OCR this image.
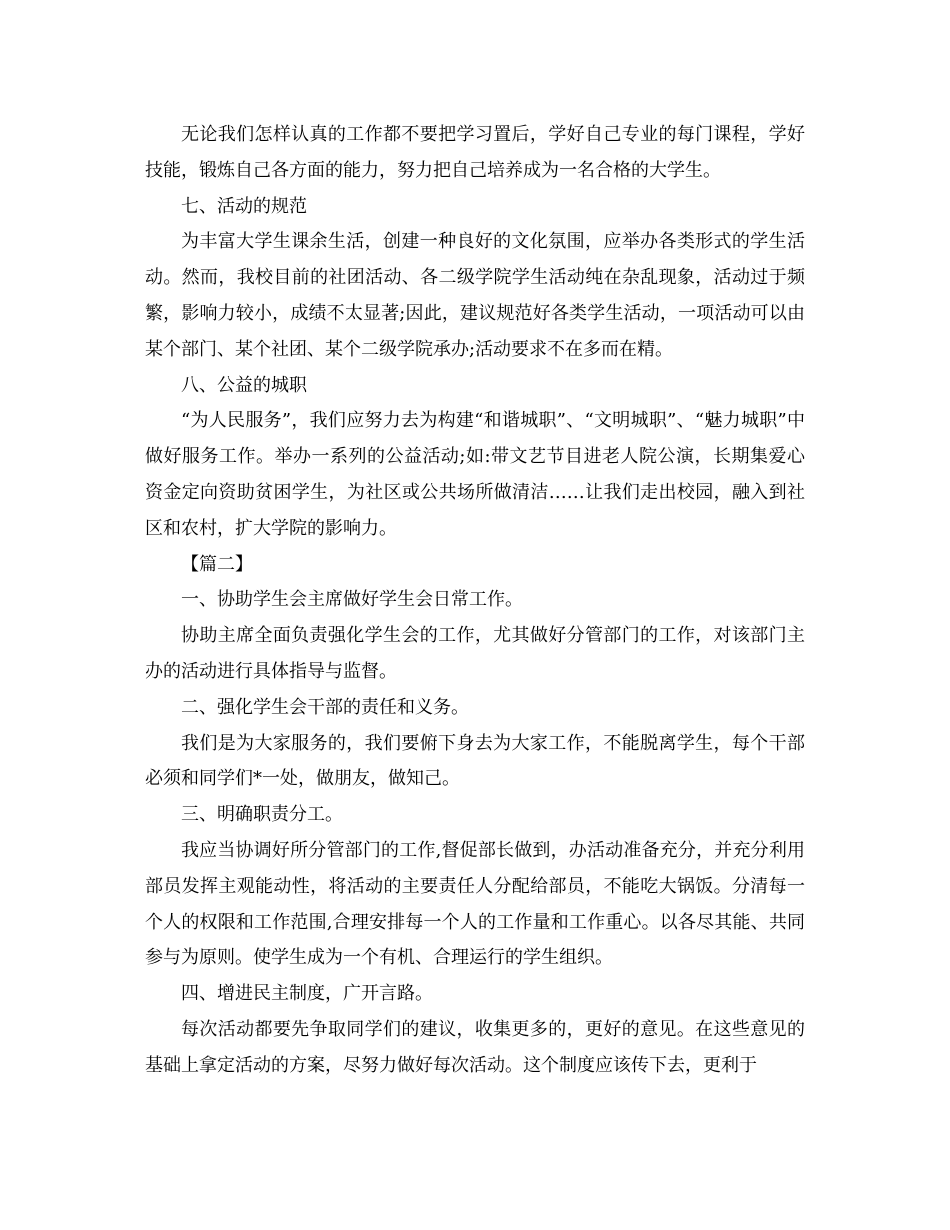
无论我们怎样认真的工作都不要把学习置后，学好自己专业的每门课程，学好技能，锻炼自己各方面的能力，努力把自己培养成为一名合格的大学生。

七、活动的规范

为丰富大学生课余生活，创建一种良好的文化氛围，应举办各类形式的学生活动。然而，我校目前的社团活动、各二级学院学生活动纯在杂乱现象，活动过于频繁，影响力较小，成绩不太显著;因此，建议规范好各类学生活动，一项活动可以由某个部门、某个社团、某个二级学院承办;活动要求不在多而在精。

八、公益的城职

“为人民服务”，我们应努力去为构建“和谐城职”、“文明城职”、“魅力城职”中做好服务工作。举办一系列的公益活动;如:带文艺节目进老人院公演，长期集爱心资金定向资助贫困学生，为社区或公共场所做清洁……让我们走出校园，融入到社区和农村，扩大学院的影响力。

【篇二】

一、协助学生会主席做好学生会日常工作。

协助主席全面负责强化学生会的工作，尤其做好分管部门的工作，对该部门主办的活动进行具体指导与监督。

二、强化学生会干部的责任和义务。

我们是为大家服务的，我们要俯下身去为大家工作，不能脱离学生，每个干部必须和同学们*一处，做朋友，做知己。

三、明确职责分工。

我应当协调好所分管部门的工作,督促部长做到，办活动准备充分，并充分利用部员发挥主观能动性，将活动的主要责任人分配给部员，不能吃大锅饭。分清每一个人的权限和工作范围,合理安排每一个人的工作量和工作重心。以各尽其能、共同参与为原则。使学生成为一个有机、合理运行的学生组织。

四、增进民主制度，广开言路。

每次活动都要先争取同学们的建议，收集更多的，更好的意见。在这些意见的基础上拿定活动的方案，尽努力做好每次活动。这个制度应该传下去，更利于
